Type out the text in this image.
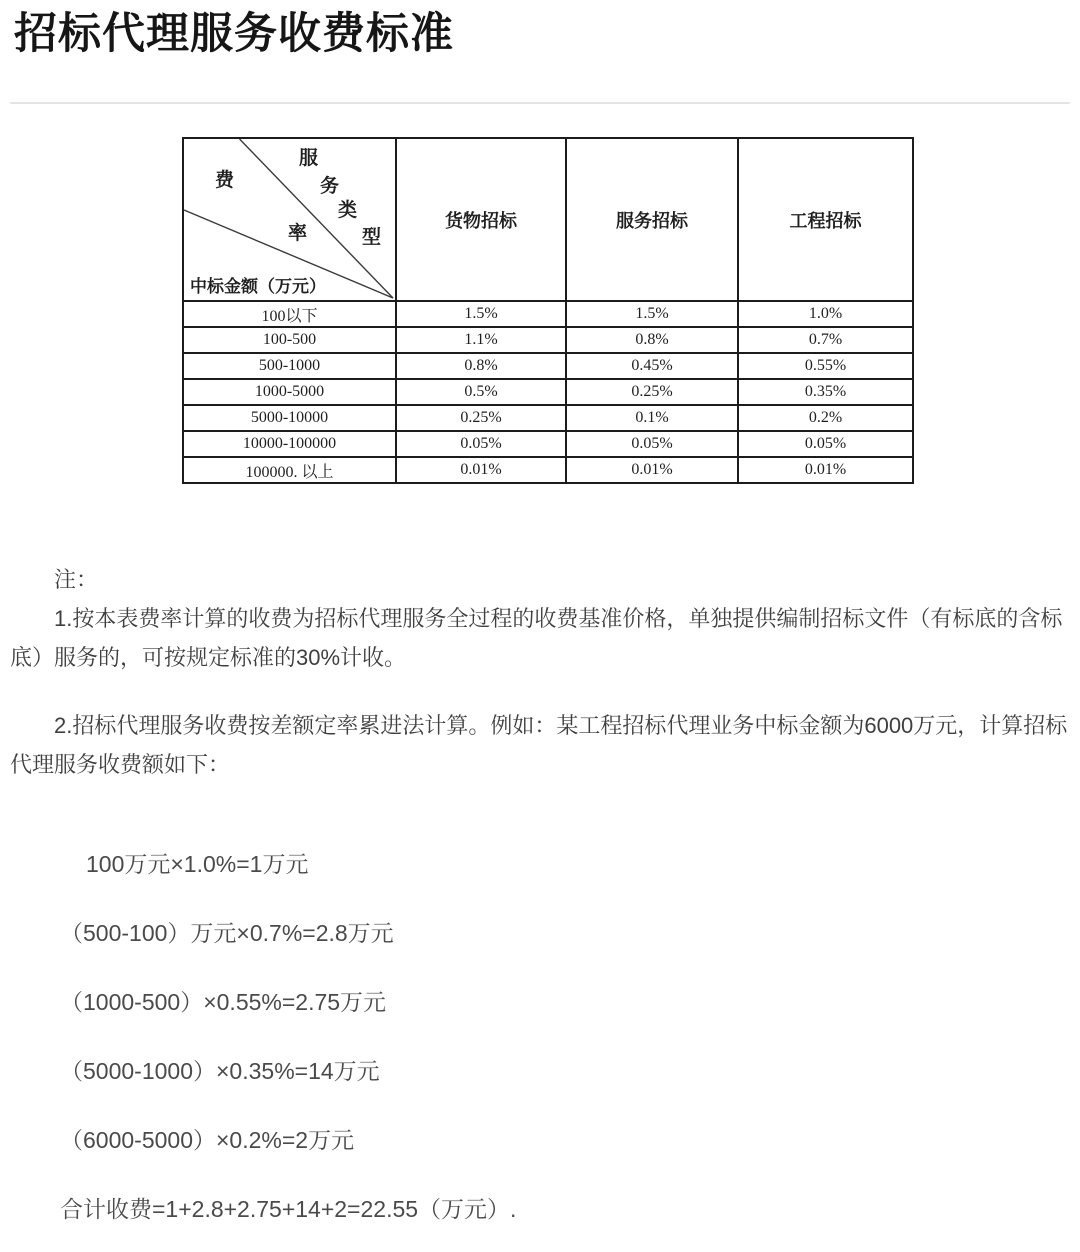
招标代理服务收费标准
服
务
类
型
费
率
中标金额（万元）
	货物招标	服务招标	工程招标
100以下	1.5%	1.5%	1.0%
100-500	1.1%	0.8%	0.7%
500-1000	0.8%	0.45%	0.55%
1000-5000	0.5%	0.25%	0.35%
5000-10000	0.25%	0.1%	0.2%
10000-100000	0.05%	0.05%	0.05%
100000. 以上	0.01%	0.01%	0.01%
注：

1.按本表费率计算的收费为招标代理服务全过程的收费基准价格，单独提供编制招标文件（有标底的含标底）服务的，可按规定标准的30%计收。

2.招标代理服务收费按差额定率累进法计算。例如：某工程招标代理业务中标金额为6000万元，计算招标代理服务收费额如下：

100万元×1.0%=1万元
（500-100）万元×0.7%=2.8万元
（1000-500）×0.55%=2.75万元
（5000-1000）×0.35%=14万元
（6000-5000）×0.2%=2万元
合计收费=1+2.8+2.75+14+2=22.55（万元）.
